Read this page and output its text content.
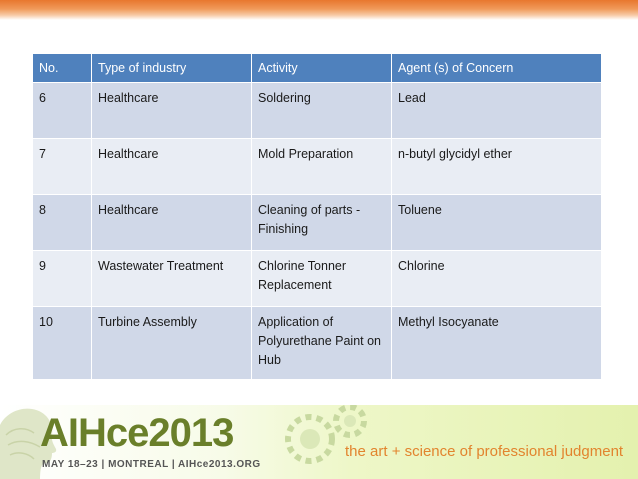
No.	Type of industry	Activity	Agent (s) of Concern
6	Healthcare	Soldering	Lead
7	Healthcare	Mold Preparation	n-butyl glycidyl ether
8	Healthcare	Cleaning of parts - Finishing	Toluene
9	Wastewater Treatment	Chlorine Tonner Replacement	Chlorine
10	Turbine Assembly	Application of Polyurethane Paint on Hub	Methyl Isocyanate
AIHce2013
MAY 18–23 | MONTREAL | AIHce2013.ORG
the art + science of professional judgment
